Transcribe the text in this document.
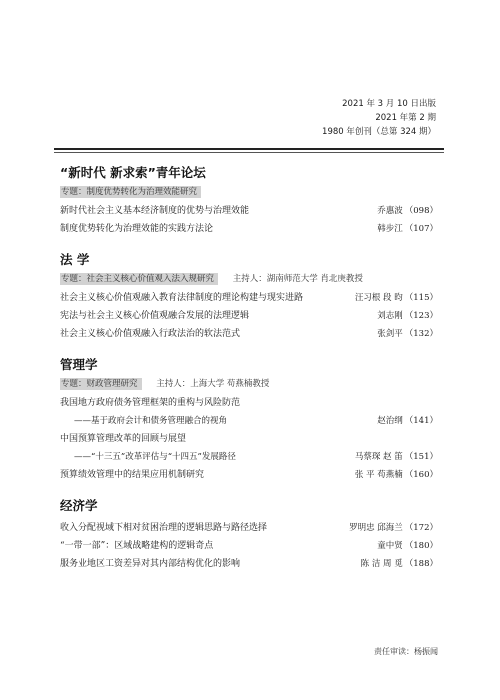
2021 年 3 月 10 日出版
2021 年第 2 期
1980 年创刊（总第 324 期）
“新时代 新求索”青年论坛
专题：制度优势转化为治理效能研究
新时代社会主义基本经济制度的优势与治理效能	乔惠波 （098）
制度优势转化为治理效能的实践方法论	韩步江 （107）
法 学
专题：社会主义核心价值观入法入规研究 主持人：湖南师范大学 肖北庚教授
社会主义核心价值观融入教育法律制度的理论构建与现实进路	汪习根 段 昀 （115）
宪法与社会主义核心价值观融合发展的法理逻辑	刘志刚 （123）
社会主义核心价值观融入行政法治的软法范式	张剑平 （132）
管理学
专题：财政管理研究 主持人：上海大学 苟燕楠教授
我国地方政府债务管理框架的重构与风险防范
——基于政府会计和债务管理融合的视角	赵治纲 （141）
中国预算管理改革的回顾与展望
——“十三五”改革评估与“十四五”发展路径	马蔡琛 赵 笛 （151）
预算绩效管理中的结果应用机制研究	张 平 苟燕楠 （160）
经济学
收入分配视域下相对贫困治理的逻辑思路与路径选择	罗明忠 邱海兰 （172）
“一带一部”：区域战略建构的逻辑奇点	童中贤 （180）
服务业地区工资差异对其内部结构优化的影响	陈 洁 周 觅 （188）
责任审读：杨振闻
